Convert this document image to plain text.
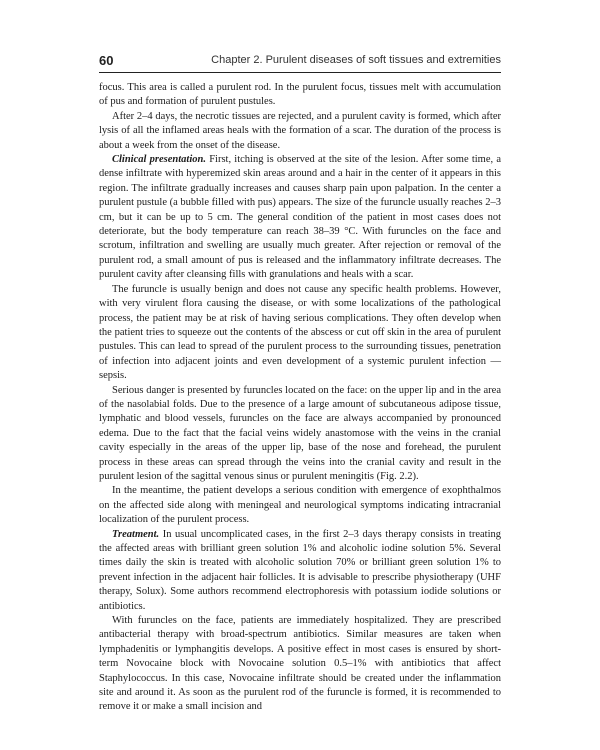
60	Chapter 2. Purulent diseases of soft tissues and extremities

focus. This area is called a purulent rod. In the purulent focus, tissues melt with accumulation of pus and formation of purulent pustules.

After 2–4 days, the necrotic tissues are rejected, and a purulent cavity is formed, which after lysis of all the inflamed areas heals with the formation of a scar. The duration of the process is about a week from the onset of the disease.

Clinical presentation. First, itching is observed at the site of the lesion. After some time, a dense infiltrate with hyperemized skin areas around and a hair in the center of it appears in this region. The infiltrate gradually increases and causes sharp pain upon palpation. In the center a purulent pustule (a bubble filled with pus) appears. The size of the furuncle usually reaches 2–3 cm, but it can be up to 5 cm. The general condition of the patient in most cases does not deteriorate, but the body temperature can reach 38–39 °C. With furuncles on the face and scrotum, infiltration and swelling are usually much greater. After rejection or removal of the purulent rod, a small amount of pus is released and the inflammatory infiltrate decreases. The purulent cavity after cleansing fills with granulations and heals with a scar.

The furuncle is usually benign and does not cause any specific health problems. However, with very virulent flora causing the disease, or with some localizations of the pathological process, the patient may be at risk of having serious complications. They often develop when the patient tries to squeeze out the contents of the abscess or cut off skin in the area of purulent pustules. This can lead to spread of the purulent process to the surrounding tissues, penetration of infection into adjacent joints and even development of a systemic purulent infection — sepsis.

Serious danger is presented by furuncles located on the face: on the upper lip and in the area of the nasolabial folds. Due to the presence of a large amount of subcutaneous adipose tissue, lymphatic and blood vessels, furuncles on the face are always accompanied by pronounced edema. Due to the fact that the facial veins widely anastomose with the veins in the cranial cavity especially in the areas of the upper lip, base of the nose and forehead, the purulent process in these areas can spread through the veins into the cranial cavity and result in the purulent lesion of the sagittal venous sinus or purulent meningitis (Fig. 2.2).

In the meantime, the patient develops a serious condition with emergence of exophthalmos on the affected side along with meningeal and neurological symptoms indicating intracranial localization of the purulent process.

Treatment. In usual uncomplicated cases, in the first 2–3 days therapy consists in treating the affected areas with brilliant green solution 1% and alcoholic iodine solution 5%. Several times daily the skin is treated with alcoholic solution 70% or brilliant green solution 1% to prevent infection in the adjacent hair follicles. It is advisable to prescribe physiotherapy (UHF therapy, Solux). Some authors recommend electrophoresis with potassium iodide solutions or antibiotics.

With furuncles on the face, patients are immediately hospitalized. They are prescribed antibacterial therapy with broad-spectrum antibiotics. Similar measures are taken when lymphadenitis or lymphangitis develops. A positive effect in most cases is ensured by short-term Novocaine block with Novocaine solution 0.5–1% with antibiotics that affect Staphylococcus. In this case, Novocaine infiltrate should be created under the inflammation site and around it. As soon as the purulent rod of the furuncle is formed, it is recommended to remove it or make a small incision and
